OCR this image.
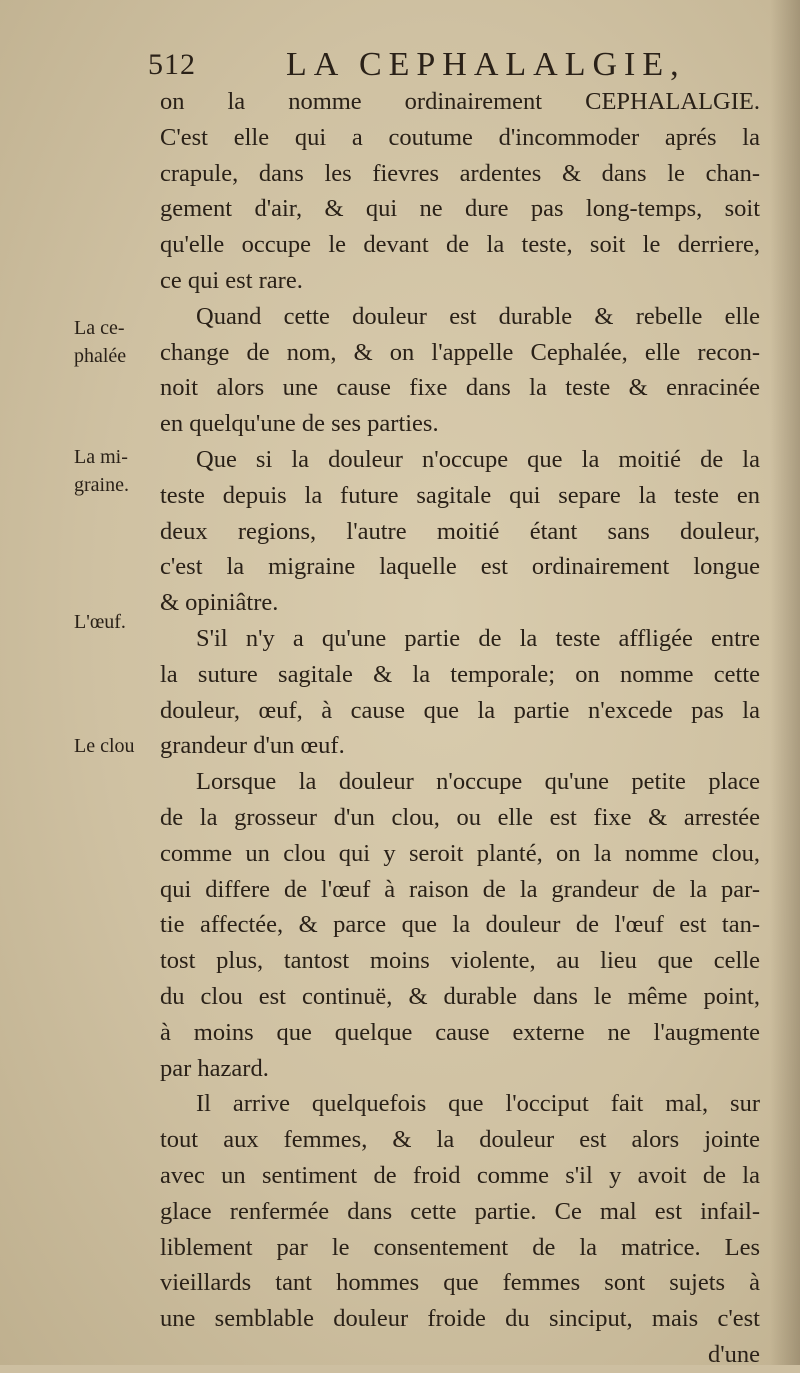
512	LA CEPHALALGIE,
on la nomme ordinairement CEPHALALGIE.
C'est elle qui a coutume d'incommoder aprés la
crapule, dans les fievres ardentes & dans le chan-
gement d'air, & qui ne dure pas long-temps, soit
qu'elle occupe le devant de la teste, soit le derriere,
ce qui est rare.
Quand cette douleur est durable & rebelle elle
change de nom, & on l'appelle Cephalée, elle recon-
noit alors une cause fixe dans la teste & enracinée
en quelqu'une de ses parties.
Que si la douleur n'occupe que la moitié de la
teste depuis la future sagitale qui separe la teste en
deux regions, l'autre moitié étant sans douleur,
c'est la migraine laquelle est ordinairement longue
& opiniâtre.
S'il n'y a qu'une partie de la teste affligée entre
la suture sagitale & la temporale; on nomme cette
douleur, œuf, à cause que la partie n'excede pas la
grandeur d'un œuf.
Lorsque la douleur n'occupe qu'une petite place
de la grosseur d'un clou, ou elle est fixe & arrestée
comme un clou qui y seroit planté, on la nomme clou,
qui differe de l'œuf à raison de la grandeur de la par-
tie affectée, & parce que la douleur de l'œuf est tan-
tost plus, tantost moins violente, au lieu que celle
du clou est continuë, & durable dans le même point,
à moins que quelque cause externe ne l'augmente
par hazard.
Il arrive quelquefois que l'occiput fait mal, sur
tout aux femmes, & la douleur est alors jointe
avec un sentiment de froid comme s'il y avoit de la
glace renfermée dans cette partie. Ce mal est infail-
liblement par le consentement de la matrice. Les
vieillards tant hommes que femmes sont sujets à
une semblable douleur froide du sinciput, mais c'est
d'une
La ce-
phalée
La mi-
graine.
L'œuf.
Le clou
